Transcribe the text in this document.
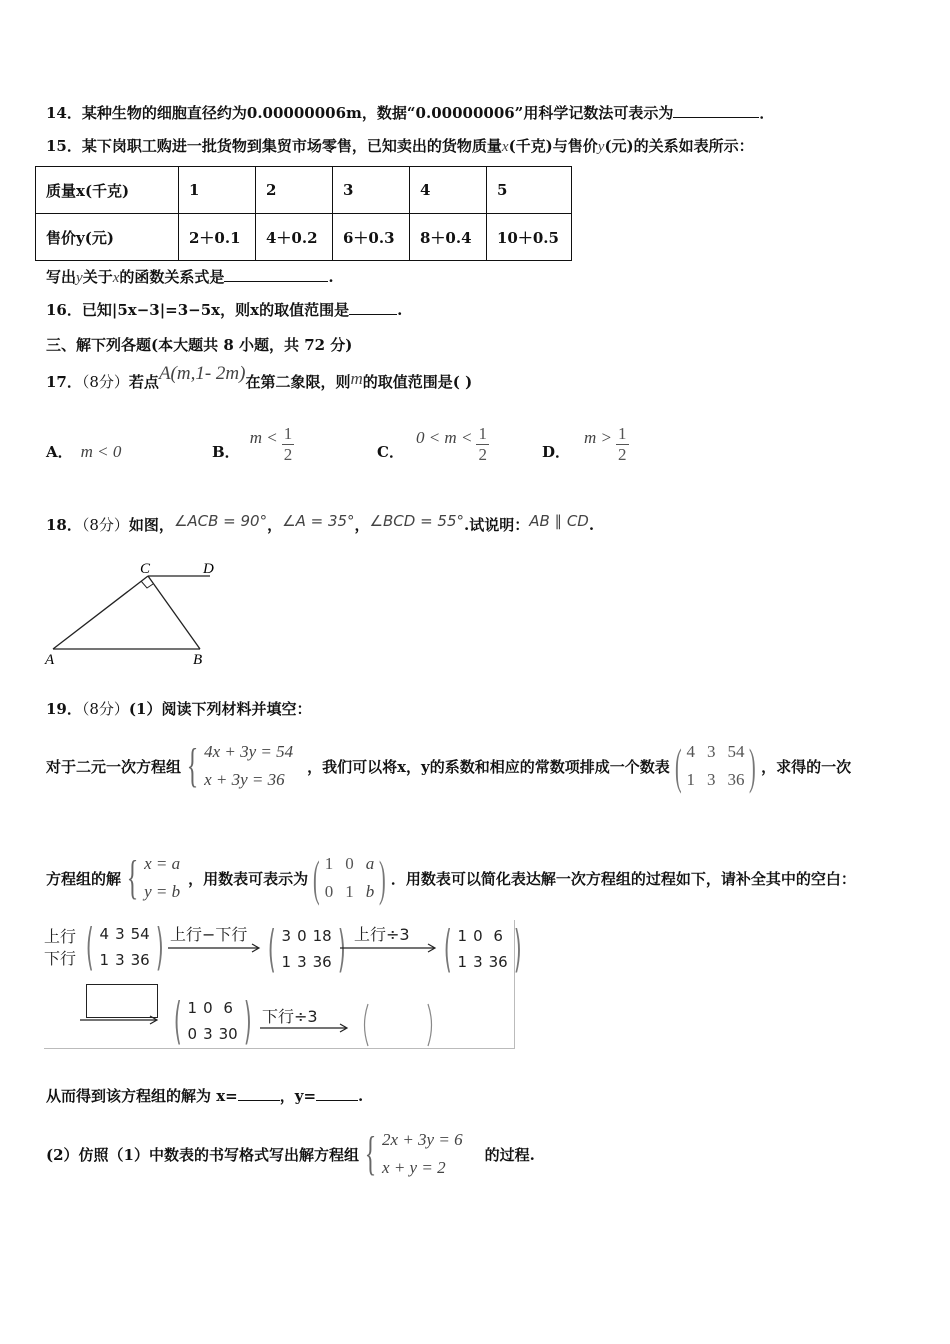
14．某种生物的细胞直径约为0.00000006m，数据“0.00000006”用科学记数法可表示为	．
15．某下岗职工购进一批货物到集贸市场零售，已知卖出的货物质量x(千克)与售价y(元)的关系如表所示：
质量x(千克)	1	2	3	4	5
售价y(元)	2＋0.1	4＋0.2	6＋0.3	8＋0.4	10＋0.5
写出y关于x的函数关系式是	.
16．已知|5x−3|=3−5x，则x的取值范围是	.
三、解下列各题(本大题共 8 小题，共 72 分)
17．（8分）若点A(m,1- 2m)在第二象限，则m的取值范围是( )
A． m < 0	B．
$m < \frac{1}{2}$	C．
$0 < m < \frac{1}{2}$	D．
$m > \frac{1}{2}$
18．（8分）如图，∠ACB = 90°，∠A = 35°，∠BCD = 55°.试说明：AB ∥ CD.
C	D
A	B
19．（8分）(1）阅读下列材料并填空：
对于二元一次方程组 { 4x + 3y = 54
x + 3y = 36
，我们可以将x，y的系数和相应的常数项排成一个数表 ( 4 3 54
1 3 36 ) ，求得的一次
方程组的解 { x = a
y = b
，用数表可表示为 ( 1 0 a
0 1 b ) ．用数表可以简化表达解一次方程组的过程如下，请补全其中的空白：
上行
下行 ( 4 3 54
1 3 36 ) 上行−下行 ( 3 0 18
1 3 36 ) 上行÷3 ( 1 0 6
1 3 36 )
( 1 0 6
0 3 30 ) 下行÷3
从而得到该方程组的解为 x=	，y=	.
(2）仿照（1）中数表的书写格式写出解方程组 { 2x + 3y = 6
x + y = 2
的过程.
